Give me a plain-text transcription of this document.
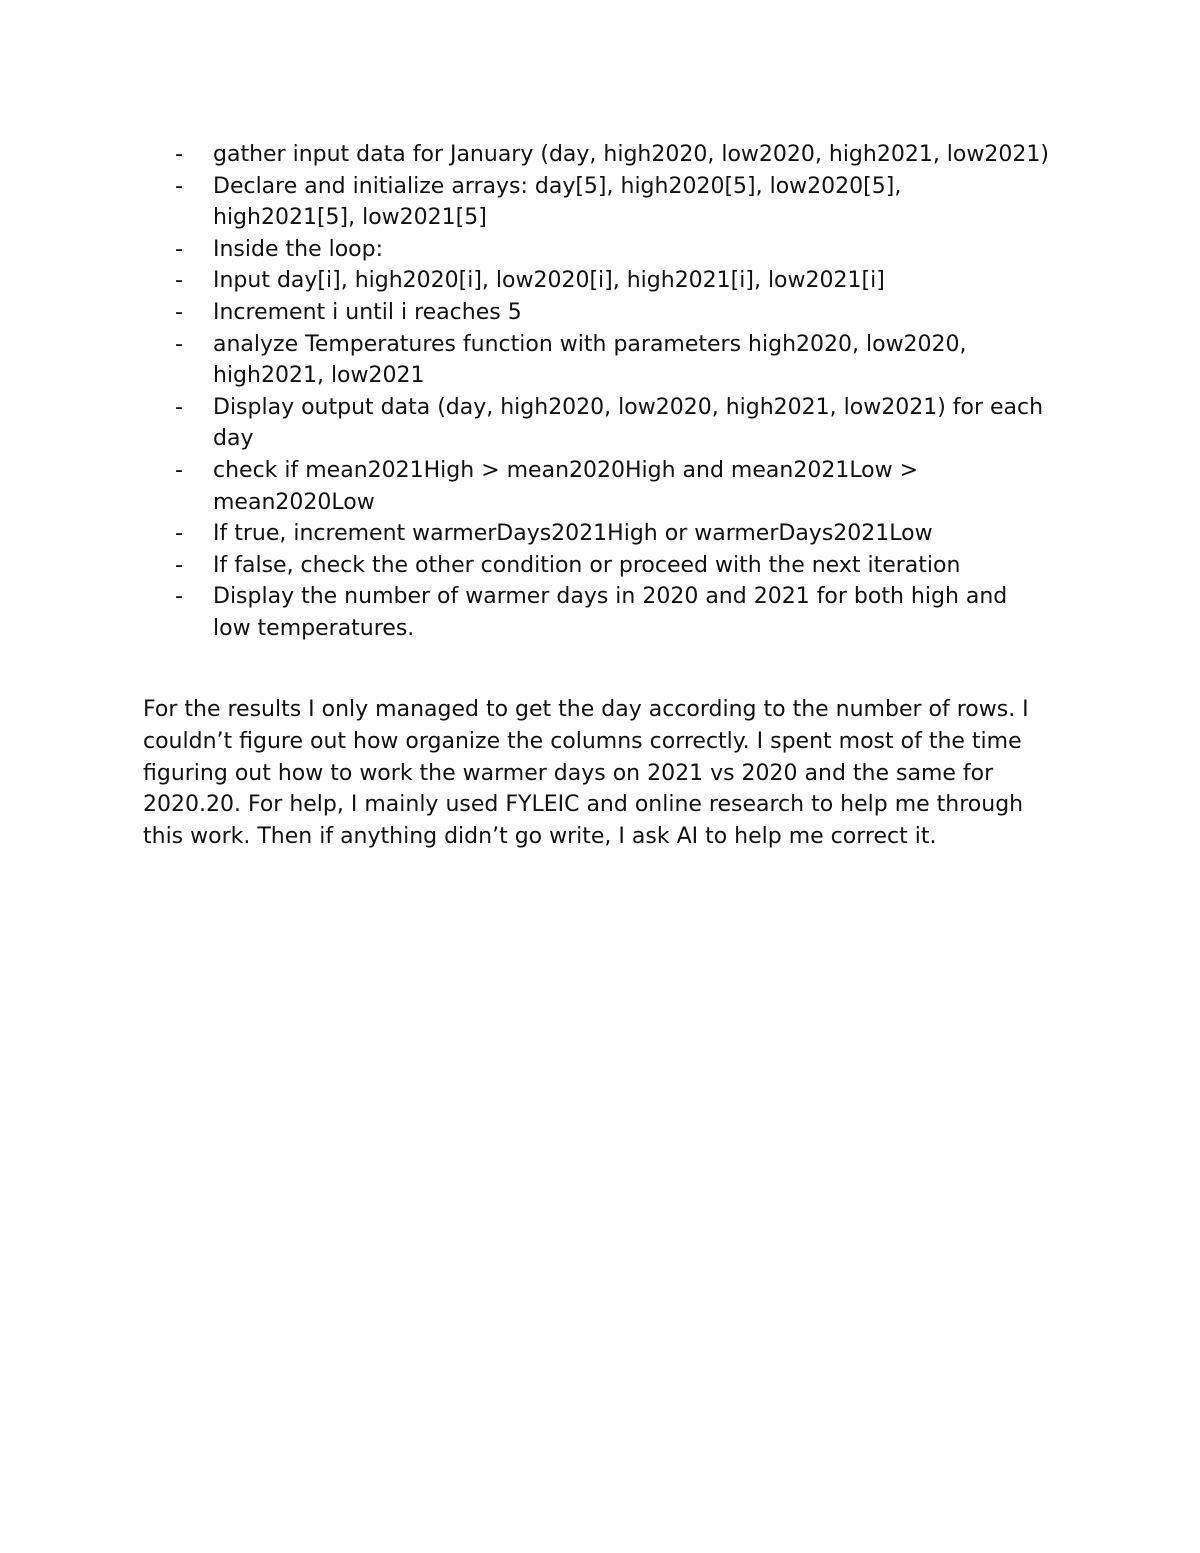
- gather input data for January (day, high2020, low2020, high2021, low2021)
- Declare and initialize arrays: day[5], high2020[5], low2020[5], high2021[5], low2021[5]
- Inside the loop:
- Input day[i], high2020[i], low2020[i], high2021[i], low2021[i]
- Increment i until i reaches 5
- analyze Temperatures function with parameters high2020, low2020, high2021, low2021
- Display output data (day, high2020, low2020, high2021, low2021) for each day
- check if mean2021High > mean2020High and mean2021Low > mean2020Low
- If true, increment warmerDays2021High or warmerDays2021Low
- If false, check the other condition or proceed with the next iteration
- Display the number of warmer days in 2020 and 2021 for both high and low temperatures.

For the results I only managed to get the day according to the number of rows. I couldn’t figure out how organize the columns correctly. I spent most of the time figuring out how to work the warmer days on 2021 vs 2020 and the same for 2020.20. For help, I mainly used FYLEIC and online research to help me through this work. Then if anything didn’t go write, I ask AI to help me correct it.
